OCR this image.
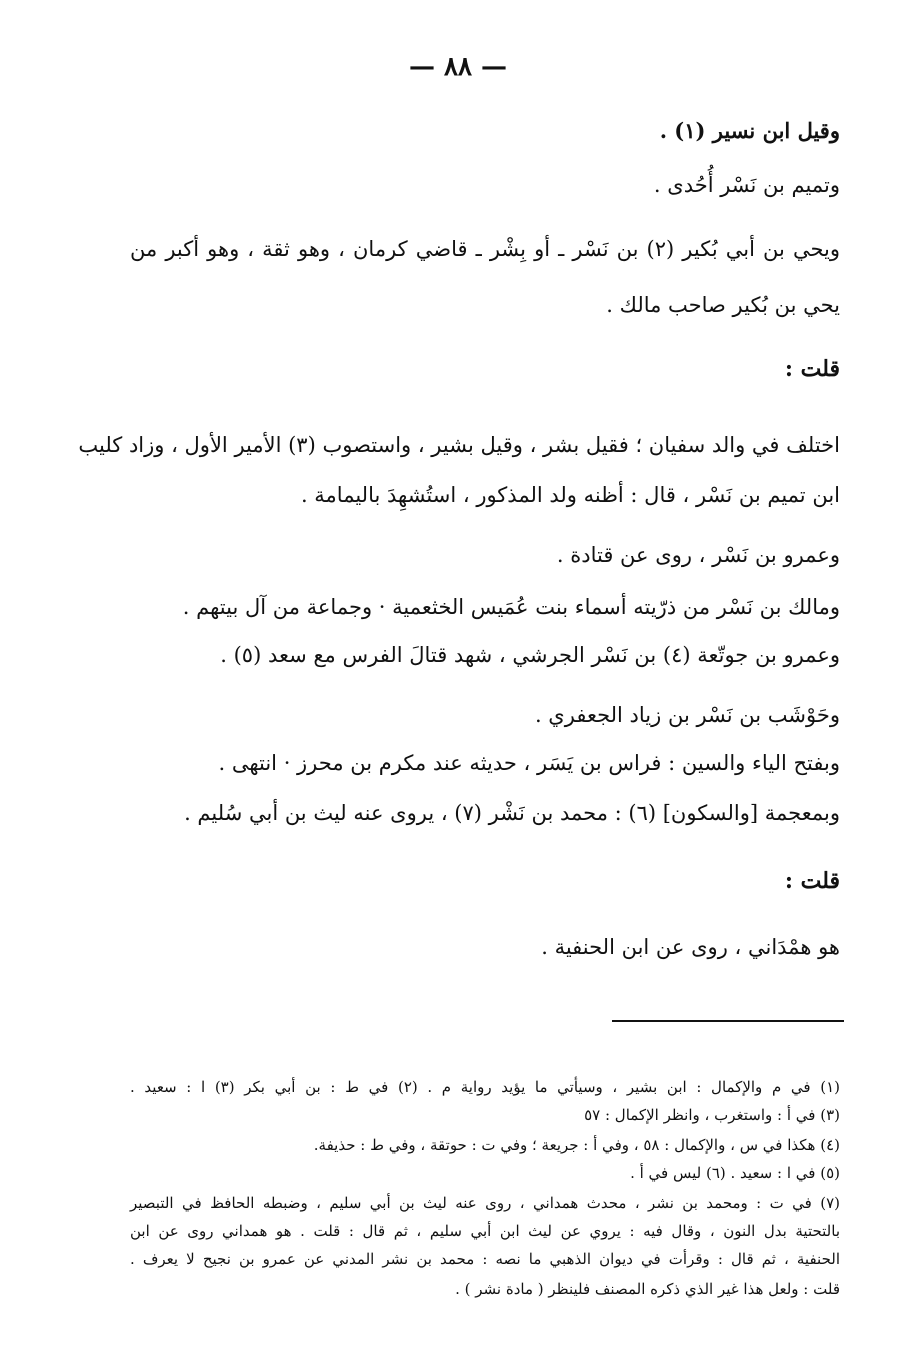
— ٨٨ —
وقيل ابن نسير (١) .
وتميم بن نَسْر أُحُدى .
ويحي بن أبي بُكير (٢) بن نَسْر ـ أو بِشْر ـ قاضي كرمان ، وهو ثقة ، وهو أكبر من
يحي بن بُكير صاحب مالك .
قلت :
اختلف في والد سفيان ؛ فقيل بشر ، وقيل بشير ، واستصوب (٣) الأمير الأول ، وزاد كليب
ابن تميم بن نَسْر ، قال : أظنه ولد المذكور ، استُشهِدَ باليمامة .
وعمرو بن نَسْر ، روى عن قتادة .
ومالك بن نَسْر من ذرّيته أسماء بنت عُمَيس الخثعمية · وجماعة من آل بيتهم .
وعمرو بن جوتّعة (٤) بن نَسْر الجرشي ، شهد قتالَ الفرس مع سعد (٥) .
وحَوْشَب بن نَسْر بن زياد الجعفري .
وبفتح الياء والسين : فراس بن يَسَر ، حديثه عند مكرم بن محرز · انتهى .
وبمعجمة [والسكون] (٦) : محمد بن نَشْر (٧) ، يروى عنه ليث بن أبي سُليم .
قلت :
هو همْدَاني ، روى عن ابن الحنفية .
(١) في م والإكمال : ابن بشير ، وسيأتي ما يؤيد رواية م . (٢) في ط : بن أبي بكر (٣) ا : سعيد .
(٣) في أ : واستغرب ، وانظر الإكمال : ٥٧
(٤) هكذا في س ، والإكمال : ٥٨ ، وفي أ : جريعة ؛ وفي ت : حوتقة ، وفي ط : حذيفة.
(٥) في ا : سعيد . (٦) ليس في أ .
(٧) في ت : ومحمد بن نشر ، محدث همداني ، روى عنه ليث بن أبي سليم ، وضبطه الحافظ في التبصير
بالتحتية بدل النون ، وقال فيه : يروي عن ليث ابن أبي سليم ، ثم قال : قلت . هو همداني روى عن ابن
الحنفية ، ثم قال : وقرأت في ديوان الذهبي ما نصه : محمد بن نشر المدني عن عمرو بن نجيح لا يعرف .
قلت : ولعل هذا غير الذي ذكره المصنف فلينظر ( مادة نشر ) .
